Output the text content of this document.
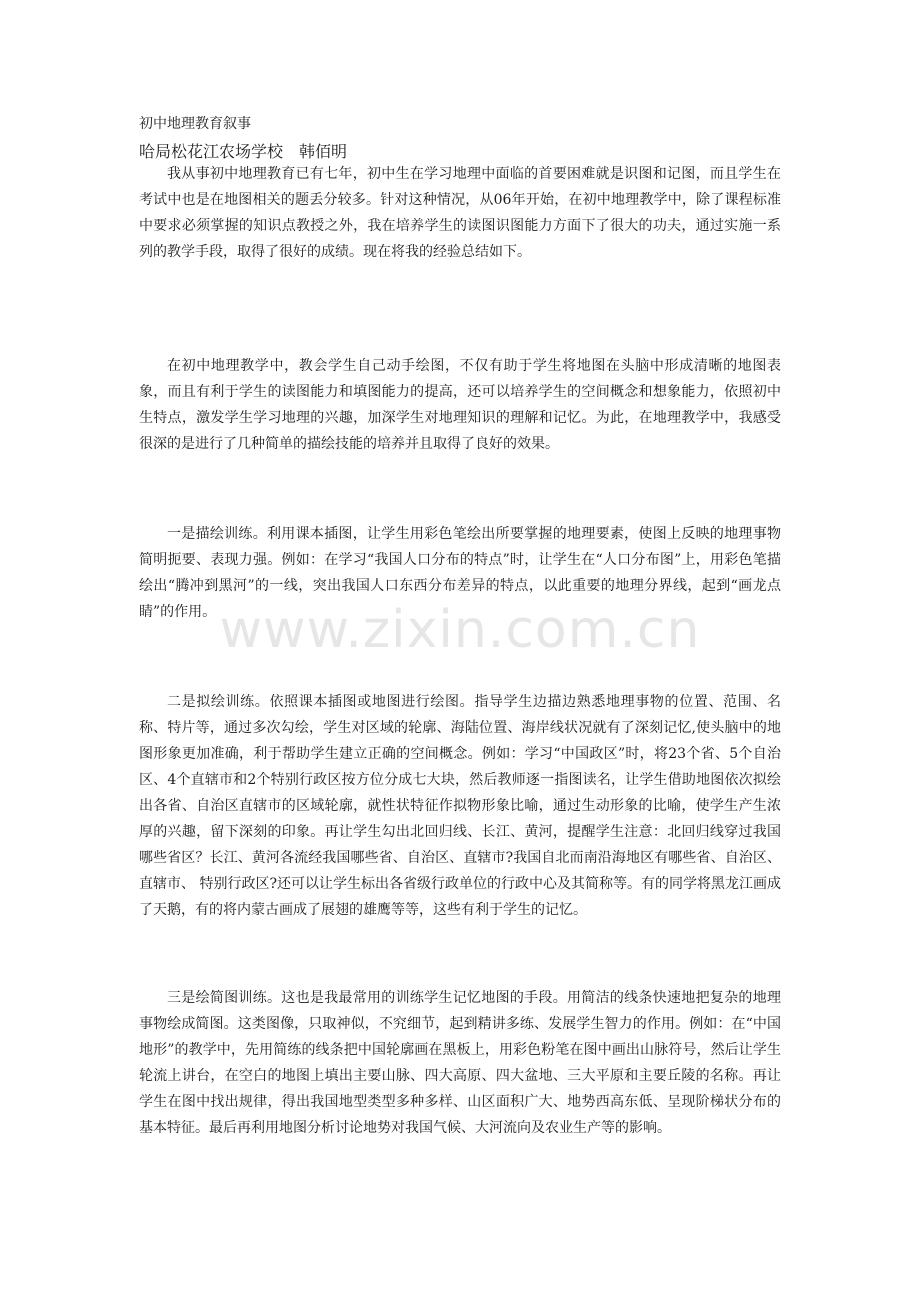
初中地理教育叙事
哈局松花江农场学校　韩佰明

我从事初中地理教育已有七年，初中生在学习地理中面临的首要困难就是识图和记图，而且学生在考试中也是在地图相关的题丢分较多。针对这种情况，从06年开始，在初中地理教学中，除了课程标准中要求必须掌握的知识点教授之外，我在培养学生的读图识图能力方面下了很大的功夫，通过实施一系列的教学手段，取得了很好的成绩。现在将我的经验总结如下。

在初中地理教学中，教会学生自己动手绘图，不仅有助于学生将地图在头脑中形成清晰的地图表象，而且有利于学生的读图能力和填图能力的提高，还可以培养学生的空间概念和想象能力，依照初中生特点，激发学生学习地理的兴趣，加深学生对地理知识的理解和记忆。为此，在地理教学中，我感受很深的是进行了几种简单的描绘技能的培养并且取得了良好的效果。

一是描绘训练。利用课本插图，让学生用彩色笔绘出所要掌握的地理要素，使图上反映的地理事物简明扼要、表现力强。例如：在学习“我国人口分布的特点”时，让学生在“人口分布图”上，用彩色笔描绘出“腾冲到黑河”的一线，突出我国人口东西分布差异的特点，以此重要的地理分界线，起到“画龙点睛”的作用。

二是拟绘训练。依照课本插图或地图进行绘图。指导学生边描边熟悉地理事物的位置、范围、名称、特片等，通过多次勾绘，学生对区域的轮廓、海陆位置、海岸线状况就有了深刻记忆,使头脑中的地图形象更加准确，利于帮助学生建立正确的空间概念。例如：学习“中国政区”时，将23个省、5个自治区、4个直辖市和2个特别行政区按方位分成七大块，然后教师逐一指图读名，让学生借助地图依次拟绘出各省、自治区直辖市的区域轮廓，就性状特征作拟物形象比喻，通过生动形象的比喻，使学生产生浓厚的兴趣，留下深刻的印象。再让学生勾出北回归线、长江、黄河，提醒学生注意：北回归线穿过我国哪些省区？长江、黄河各流经我国哪些省、自治区、直辖市?我国自北而南沿海地区有哪些省、自治区、直辖市、 特别行政区?还可以让学生标出各省级行政单位的行政中心及其简称等。有的同学将黑龙江画成了天鹅，有的将内蒙古画成了展翅的雄鹰等等，这些有利于学生的记忆。

三是绘简图训练。这也是我最常用的训练学生记忆地图的手段。用简洁的线条快速地把复杂的地理事物绘成简图。这类图像，只取神似，不究细节，起到精讲多练、发展学生智力的作用。例如：在“中国地形”的教学中，先用简练的线条把中国轮廓画在黑板上，用彩色粉笔在图中画出山脉符号，然后让学生轮流上讲台，在空白的地图上填出主要山脉、四大高原、四大盆地、三大平原和主要丘陵的名称。再让学生在图中找出规律，得出我国地型类型多种多样、山区面积广大、地势西高东低、呈现阶梯状分布的基本特征。最后再利用地图分析讨论地势对我国气候、大河流向及农业生产等的影响。

www.zixin.com.cn
